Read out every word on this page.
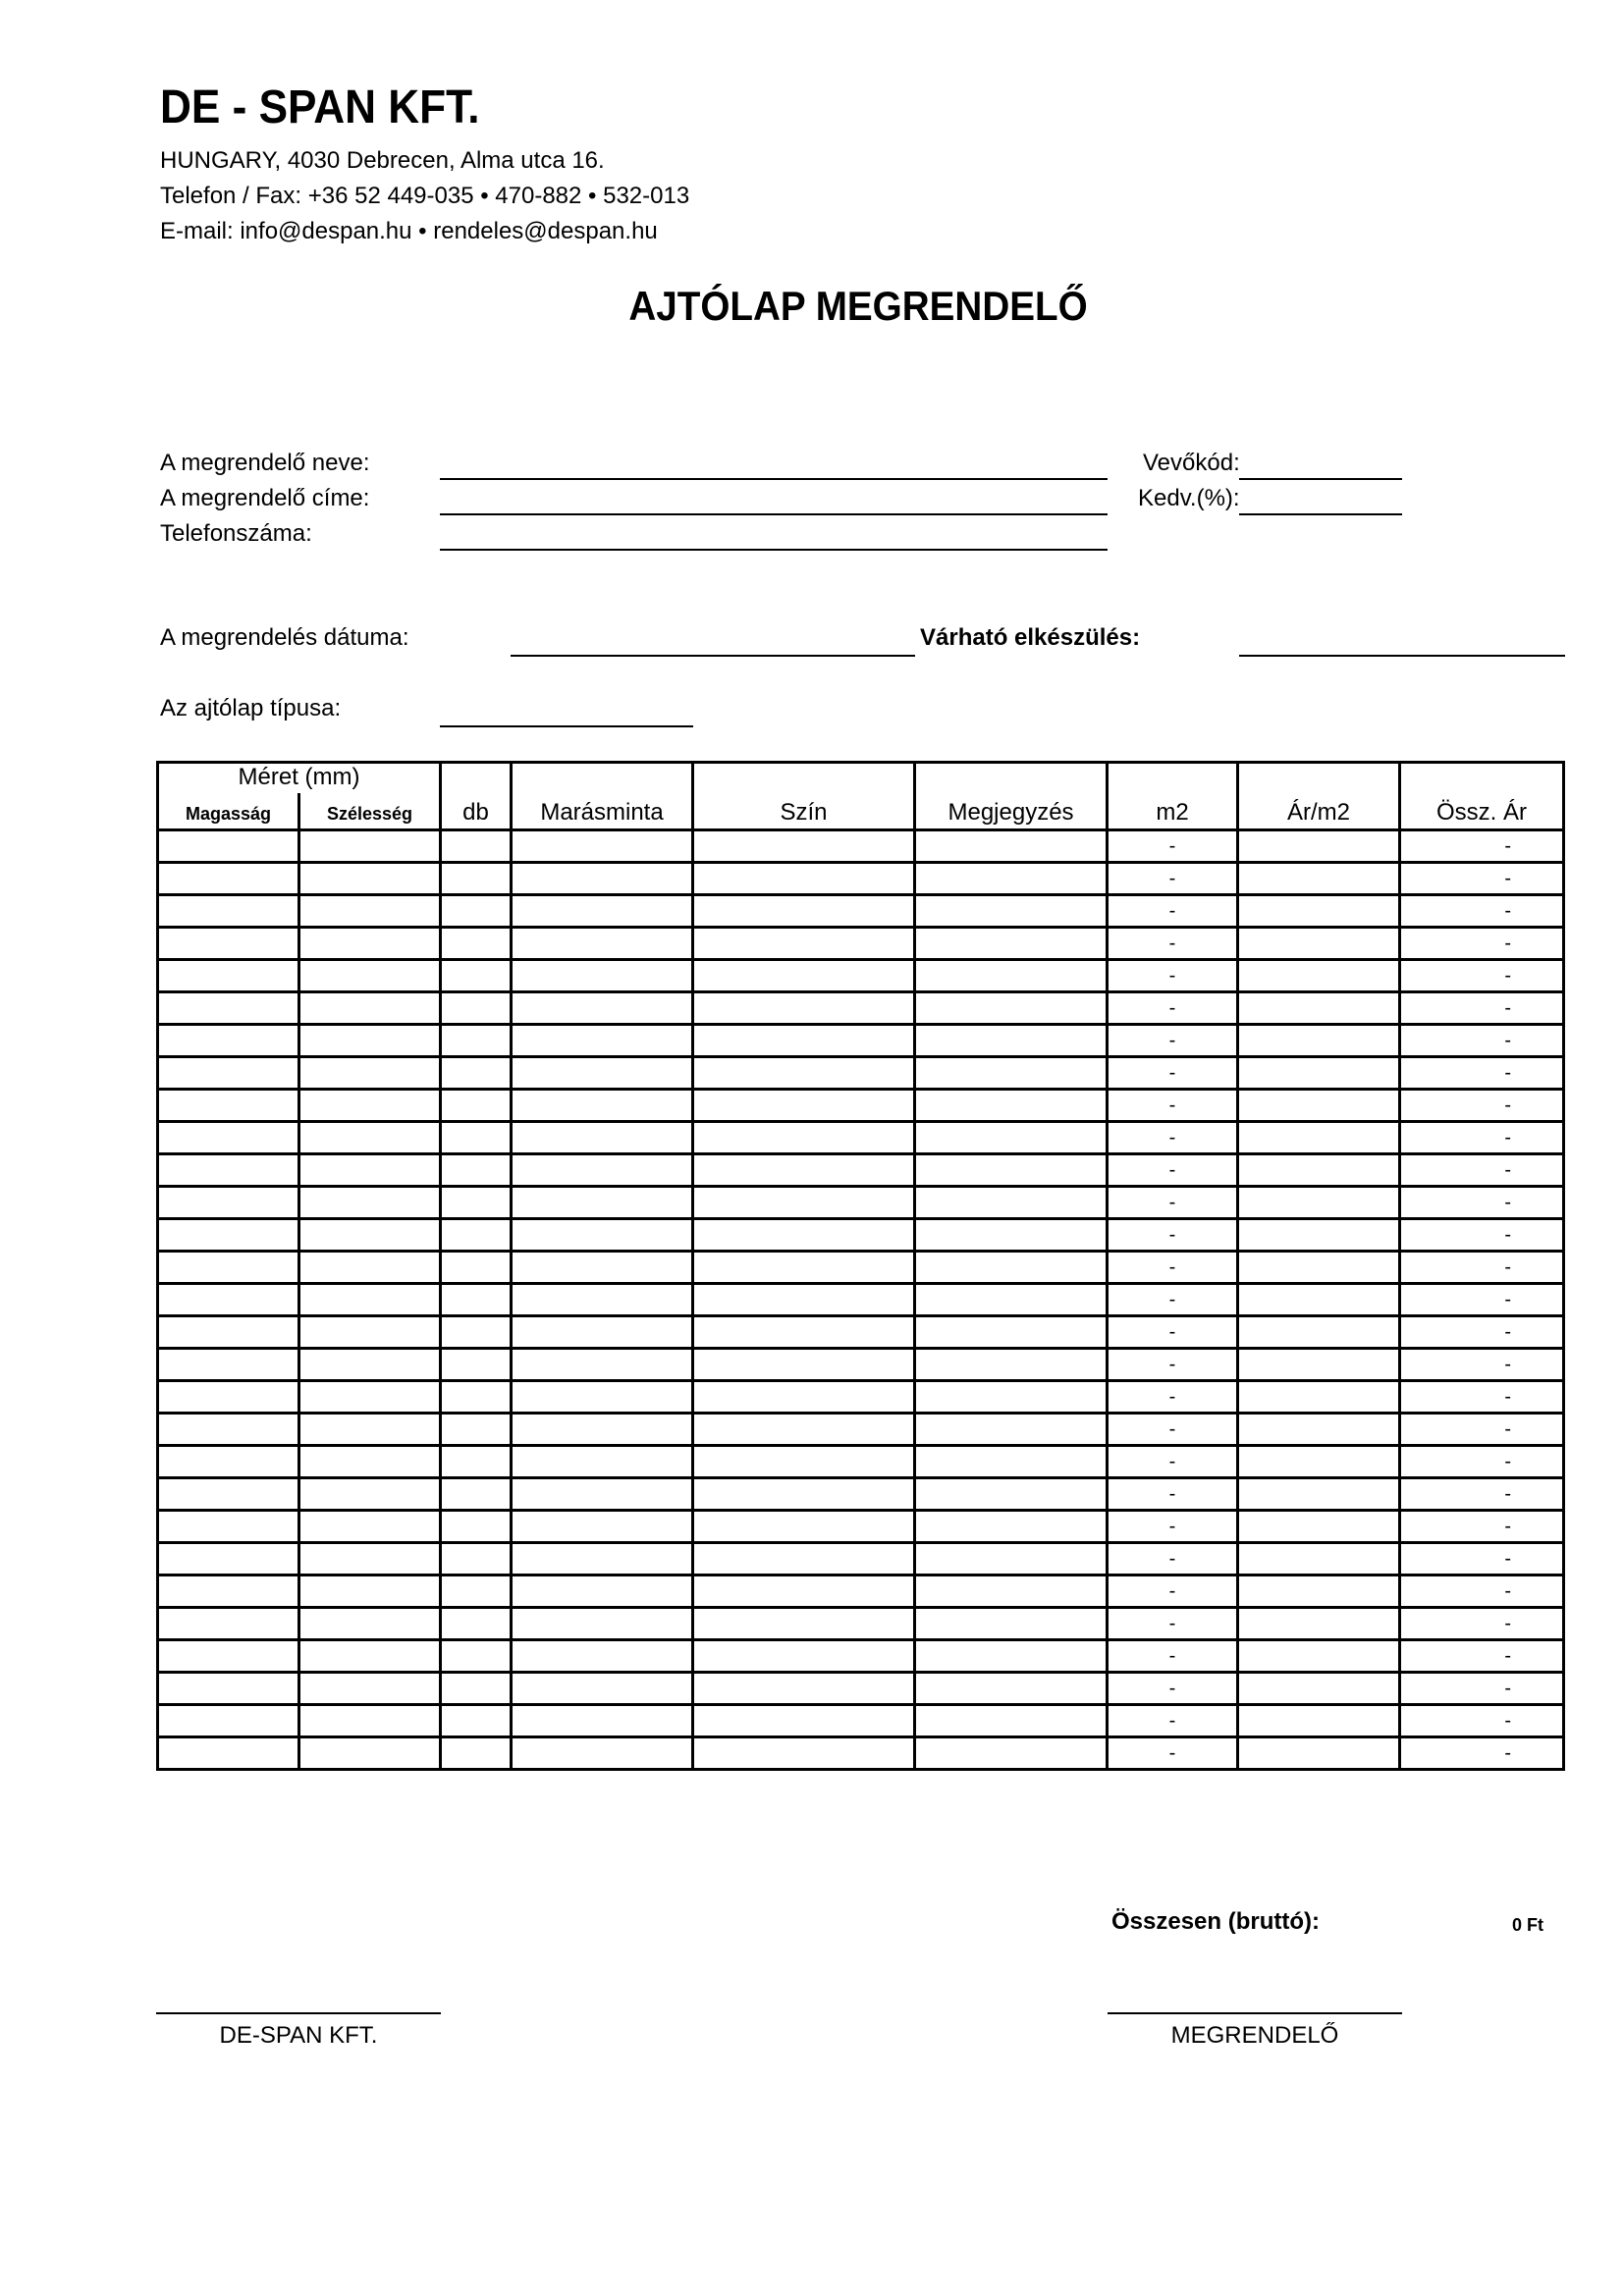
DE - SPAN KFT.
HUNGARY, 4030 Debrecen, Alma utca 16.
Telefon / Fax: +36 52 449-035 • 470-882 • 532-013
E-mail: info@despan.hu • rendeles@despan.hu
AJTÓLAP MEGRENDELŐ
A megrendelő neve:
A megrendelő címe:
Telefonszáma:
Vevőkód:
Kedv.(%):
A megrendelés dátuma:	Várható elkészülés:
Az ajtólap típusa:
Méret (mm)		db	Marásminta	Szín	Megjegyzés	m2	Ár/m2	Össz. Ár
Magasság	Szélesség							
						-		-
						-		-
						-		-
						-		-
						-		-
						-		-
						-		-
						-		-
						-		-
						-		-
						-		-
						-		-
						-		-
						-		-
						-		-
						-		-
						-		-
						-		-
						-		-
						-		-
						-		-
						-		-
						-		-
						-		-
						-		-
						-		-
						-		-
						-		-
						-		-
Összesen (bruttó):	0 Ft
DE-SPAN KFT.	MEGRENDELŐ
